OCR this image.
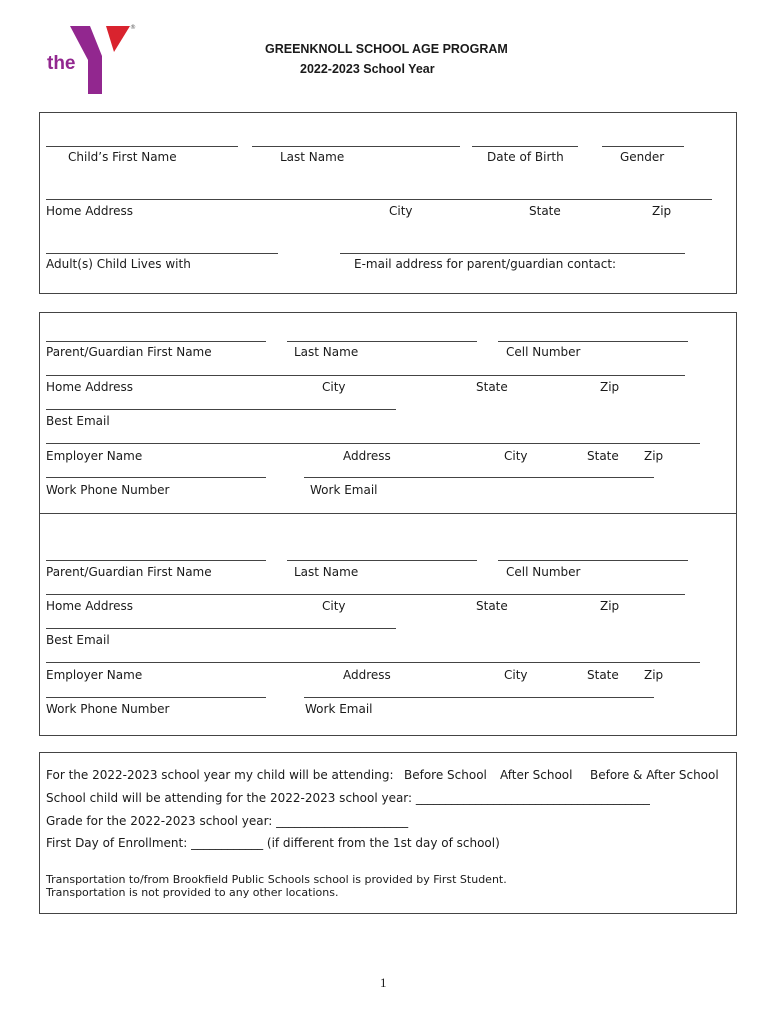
the
YMCA
®
GREENKNOLL SCHOOL AGE PROGRAM
2022-2023 School Year
Child’s First Name	Last Name	Date of Birth	Gender
Home Address	City	State	Zip
Adult(s) Child Lives with	E-mail address for parent/guardian contact:
Parent/Guardian First Name	Last Name	Cell Number
Home Address	City	State	Zip
Best Email
Employer Name	Address	City	State Zip
Work Phone Number	Work Email
Parent/Guardian First Name	Last Name	Cell Number
Home Address	City	State	Zip
Best Email
Employer Name	Address	City	State Zip
Work Phone Number	Work Email
For the 2022-2023 school year my child will be attending: Before School After School Before & After School
School child will be attending for the 2022-2023 school year: _______________________________________
Grade for the 2022-2023 school year: ______________________
First Day of Enrollment: ____________ (if different from the 1st day of school)
Transportation to/from Brookfield Public Schools school is provided by First Student.
Transportation is not provided to any other locations.
1
